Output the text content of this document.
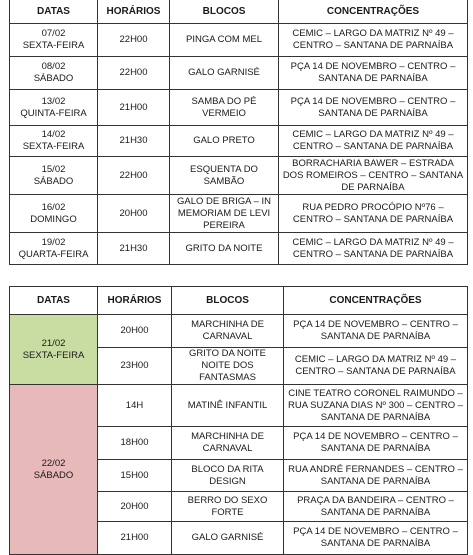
DATAS	HORÁRIOS	BLOCOS	CONCENTRAÇÕES
07/02
SEXTA-FEIRA	22H00	PINGA COM MEL	CEMIC – LARGO DA MATRIZ Nº 49 – CENTRO – SANTANA DE PARNAÍBA
08/02
SÁBADO	22H00	GALO GARNISÉ	PÇA 14 DE NOVEMBRO – CENTRO – SANTANA DE PARNAÍBA
13/02
QUINTA-FEIRA	21H00	SAMBA DO PÉ VERMEIO	PÇA 14 DE NOVEMBRO – CENTRO – SANTANA DE PARNAÍBA
14/02
SEXTA-FEIRA	21H30	GALO PRETO	CEMIC – LARGO DA MATRIZ Nº 49 – CENTRO – SANTANA DE PARNAÍBA
15/02
SÁBADO	22H00	ESQUENTA DO SAMBÃO	BORRACHARIA BAWER – ESTRADA DOS ROMEIROS – CENTRO – SANTANA DE PARNAÍBA
16/02
DOMINGO	20H00	GALO DE BRIGA – IN MEMORIAM DE LEVI PEREIRA	RUA PEDRO PROCÓPIO Nº76 – CENTRO – SANTANA DE PARNAÍBA
19/02
QUARTA-FEIRA	21H30	GRITO DA NOITE	CEMIC – LARGO DA MATRIZ Nº 49 – CENTRO – SANTANA DE PARNAÍBA
DATAS	HORÁRIOS	BLOCOS	CONCENTRAÇÕES
21/02
SEXTA-FEIRA	20H00	MARCHINHA DE CARNAVAL	PÇA 14 DE NOVEMBRO – CENTRO – SANTANA DE PARNAÍBA
	23H00	GRITO DA NOITE NOITE DOS FANTASMAS	CEMIC – LARGO DA MATRIZ Nº 49 – CENTRO – SANTANA DE PARNAÍBA
22/02
SÁBADO	14H	MATINÊ INFANTIL	CINE TEATRO CORONEL RAIMUNDO – RUA SUZANA DIAS Nº 300 – CENTRO – SANTANA DE PARNAÍBA
	18H00	MARCHINHA DE CARNAVAL	PÇA 14 DE NOVEMBRO – CENTRO – SANTANA DE PARNAÍBA
	15H00	BLOCO DA RITA DESIGN	RUA ANDRÉ FERNANDES – CENTRO – SANTANA DE PARNAÍBA
	20H00	BERRO DO SEXO FORTE	PRAÇA DA BANDEIRA – CENTRO – SANTANA DE PARNAÍBA
	21H00	GALO GARNISÉ	PÇA 14 DE NOVEMBRO – CENTRO – SANTANA DE PARNAÍBA
